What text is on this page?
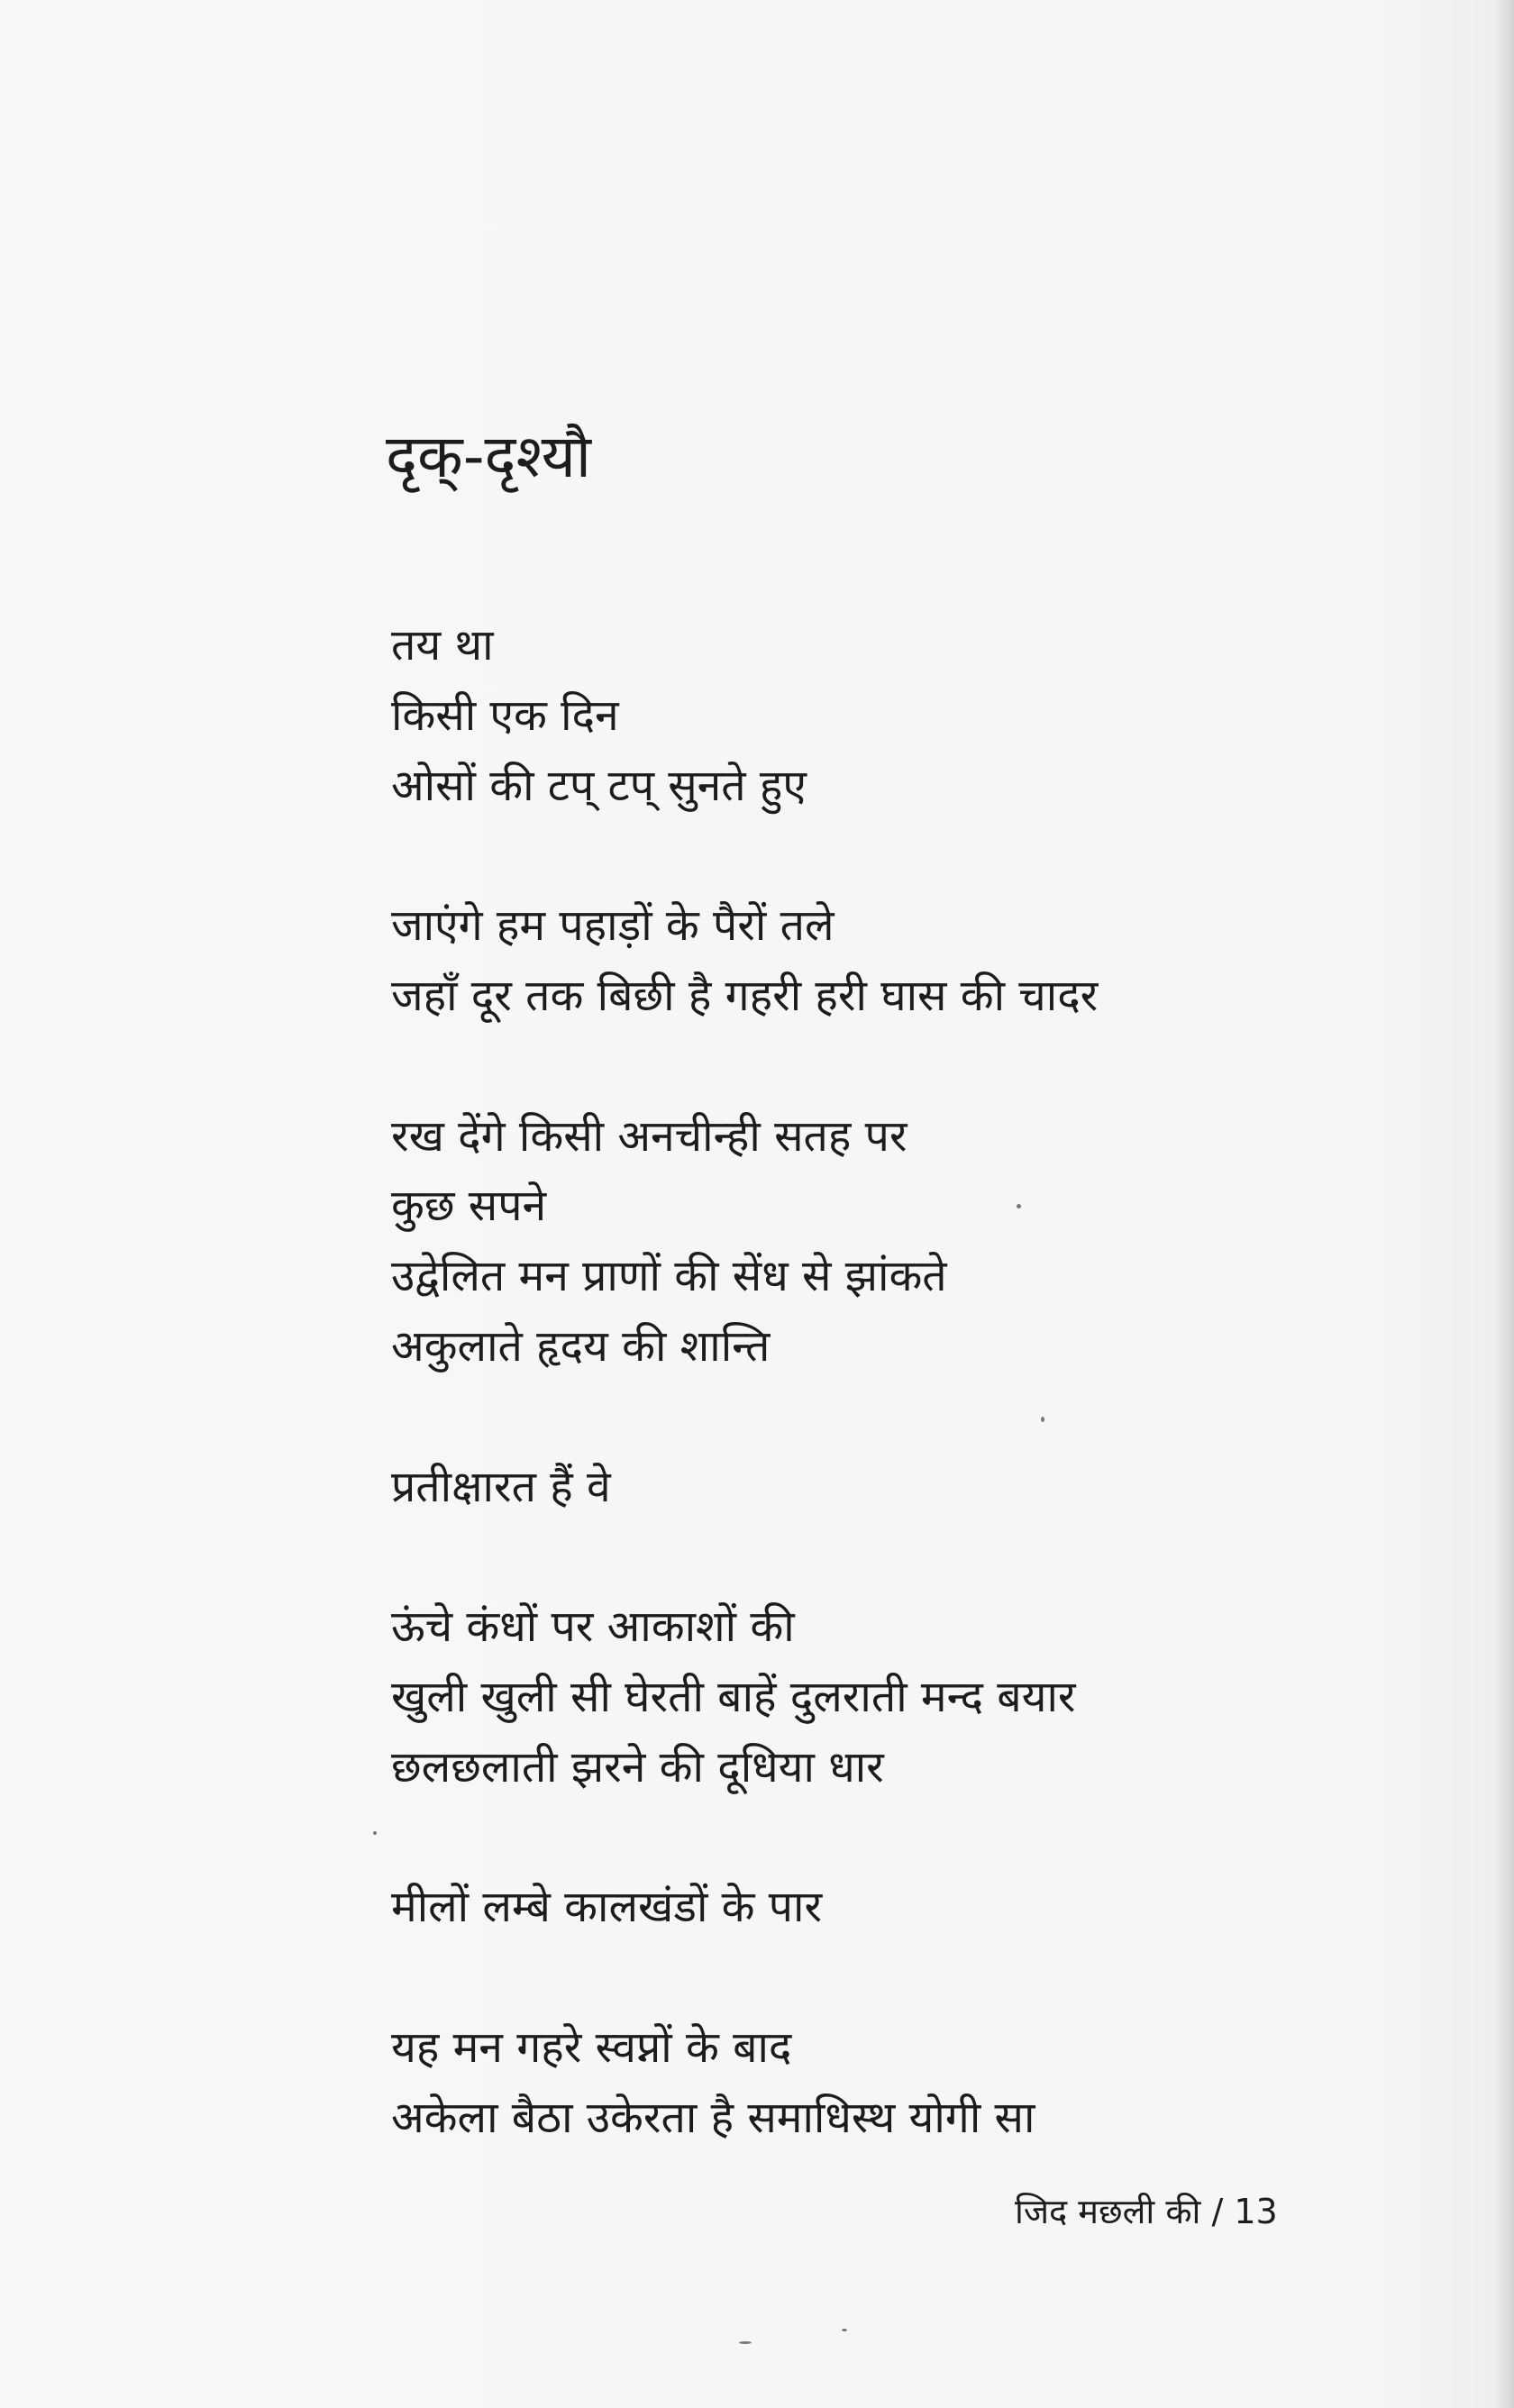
दृक्-दृश्यौ
तय था
किसी एक दिन
ओसों की टप् टप् सुनते हुए
जाएंगे हम पहाड़ों के पैरों तले
जहाँ दूर तक बिछी है गहरी हरी घास की चादर
रख देंगे किसी अनचीन्ही सतह पर
कुछ सपने
उद्वेलित मन प्राणों की सेंध से झांकते
अकुलाते हृदय की शान्ति
प्रतीक्षारत हैं वे
ऊंचे कंधों पर आकाशों की
खुली खुली सी घेरती बाहें दुलराती मन्द बयार
छलछलाती झरने की दूधिया धार
मीलों लम्बे कालखंडों के पार
यह मन गहरे स्वप्नों के बाद
अकेला बैठा उकेरता है समाधिस्थ योगी सा
जिद मछली की / 13
